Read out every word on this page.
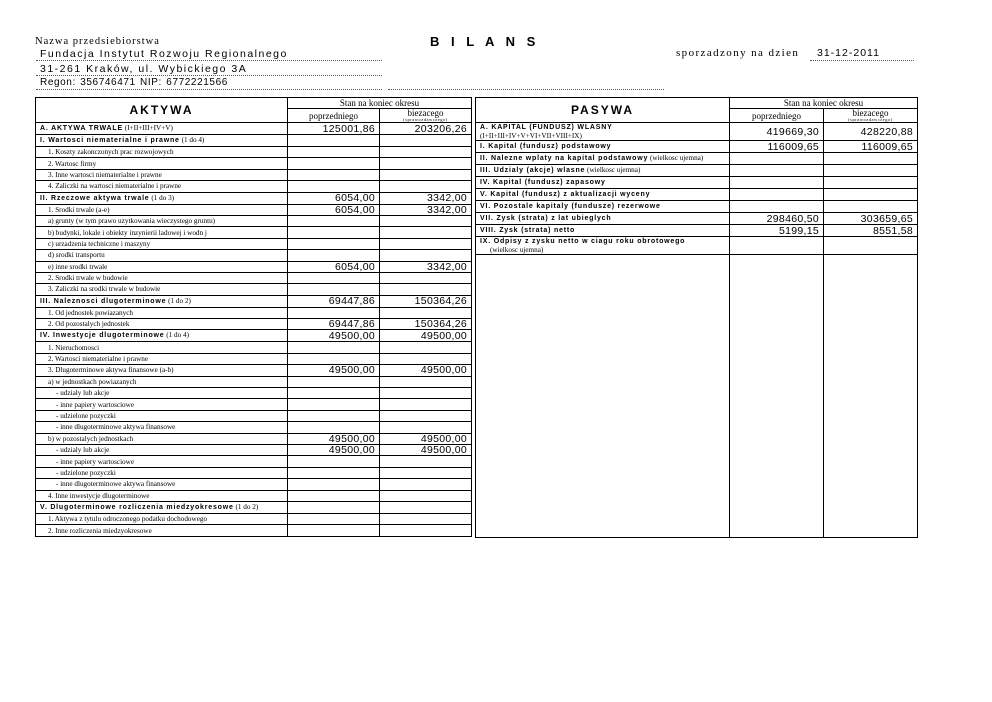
Nazwa przedsiebiorstwa
Fundacja Instytut Rozwoju Regionalnego
31-261 Kraków, ul. Wybickiego 3A
Regon: 356746471 NIP: 6772221566
B I L A N S
sporzadzony na dzien 31-12-2011
AKTYWA	Stan na koniec okresu	
	poprzedniego	biezacego
(sprawozdawczego)

A. AKTYWA TRWALE (I+II+III+IV+V)	125001,86	203206,26
I. Wartosci niematerialne i prawne (1 do 4)		
1. Koszty zakonczonych prac rozwojowych		
2. Wartosc firmy		
3. Inne wartosci niematerialne i prawne		
4. Zaliczki na wartosci niematerialne i prawne		
II. Rzeczowe aktywa trwale (1 do 3)	6054,00	3342,00
1. Srodki trwale (a-e)	6054,00	3342,00
a) grunty (w tym prawo uzytkowania wieczystego gruntu)		
b) budynki, lokale i obiekty inzynierii ladowej i wodn j		
c) urzadzenia techniczne i maszyny		
d) srodki transportu		
e) inne srodki trwale	6054,00	3342,00
2. Srodki trwale w budowie		
3. Zaliczki na srodki trwale w budowie		
III. Naleznosci dlugoterminowe (1 do 2)	69447,86	150364,26
1. Od jednostek powiazanych		
2. Od pozostalych jednostek	69447,86	150364,26
IV. Inwestycje dlugoterminowe (1 do 4)	49500,00	49500,00
1. Nieruchomosci		
2. Wartosci niematerialne i prawne		
3. Dlugoterminowe aktywa finansowe (a-b)	49500,00	49500,00
a) w jednostkach powiazanych		
- udzialy lub akcje		
- inne papiery wartosciowe		
- udzielone pozyczki		
- inne dlugoterminowe aktywa finansowe		
b) w pozostalych jednostkach	49500,00	49500,00
- udzialy lub akcje	49500,00	49500,00
- inne papiery wartosciowe		
- udzielone pozyczki		
- inne dlugoterminowe aktywa finansowe		
4. Inne inwestycje dlugoterminowe		
V. Dlugoterminowe rozliczenia miedzyokresowe (1 do 2)		
1. Aktywa z tytulu odroczonego podatku dochodowego		
2. Inne rozliczenia miedzyokresowe		
PASYWA	Stan na koniec okresu	
	poprzedniego	biezacego
(sprawozdawczego)

A. KAPITAL (FUNDUSZ) WLASNY
(I+II+III+IV+V+VI+VII+VIII+IX)	419669,30	428220,88
I. Kapital (fundusz) podstawowy	116009,65	116009,65
II. Nalezne wplaty na kapital podstawowy (wielkosc ujemna)		
III. Udzialy (akcje) wlasne (wielkosc ujemna)		
IV. Kapital (fundusz) zapasowy		
V. Kapital (fundusz) z aktualizacji wyceny		
VI. Pozostale kapitaly (fundusze) rezerwowe		
VII. Zysk (strata) z lat ubieglych	298460,50	303659,65
VIII. Zysk (strata) netto	5199,15	8551,58
IX. Odpisy z zysku netto w ciagu roku obrotowego
(wielkosc ujemna)		
